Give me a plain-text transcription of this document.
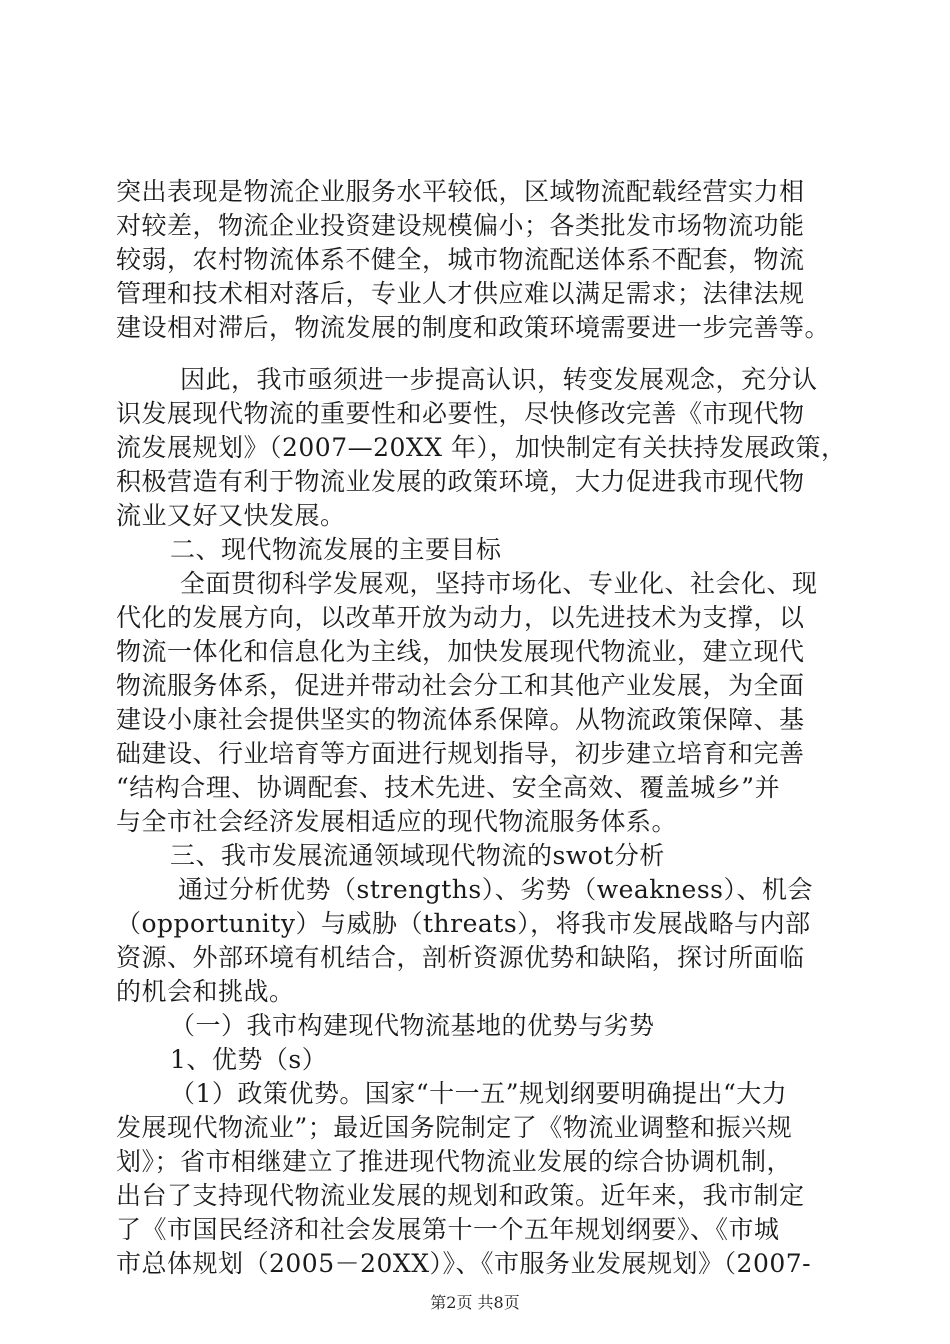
突出表现是物流企业服务水平较低，区域物流配载经营实力相
对较差，物流企业投资建设规模偏小；各类批发市场物流功能
较弱，农村物流体系不健全，城市物流配送体系不配套，物流
管理和技术相对落后，专业人才供应难以满足需求；法律法规
建设相对滞后，物流发展的制度和政策环境需要进一步完善等。
因此，我市亟须进一步提高认识，转变发展观念，充分认
识发展现代物流的重要性和必要性，尽快修改完善《市现代物
流发展规划》（2007—20XX 年），加快制定有关扶持发展政策，
积极营造有利于物流业发展的政策环境，大力促进我市现代物
流业又好又快发展。
二、现代物流发展的主要目标
全面贯彻科学发展观，坚持市场化、专业化、社会化、现
代化的发展方向，以改革开放为动力，以先进技术为支撑，以
物流一体化和信息化为主线，加快发展现代物流业，建立现代
物流服务体系，促进并带动社会分工和其他产业发展，为全面
建设小康社会提供坚实的物流体系保障。从物流政策保障、基
础建设、行业培育等方面进行规划指导，初步建立培育和完善
“结构合理、协调配套、技术先进、安全高效、覆盖城乡”并
与全市社会经济发展相适应的现代物流服务体系。
三、我市发展流通领域现代物流的swot分析
通过分析优势（strengths）、劣势（weakness）、机会
（opportunity）与威胁（threats），将我市发展战略与内部
资源、外部环境有机结合，剖析资源优势和缺陷，探讨所面临
的机会和挑战。
（一）我市构建现代物流基地的优势与劣势
1、优势（s）
（1）政策优势。国家“十一五”规划纲要明确提出“大力
发展现代物流业”；最近国务院制定了《物流业调整和振兴规
划》；省市相继建立了推进现代物流业发展的综合协调机制，
出台了支持现代物流业发展的规划和政策。近年来，我市制定
了《市国民经济和社会发展第十一个五年规划纲要》、《市城
市总体规划（2005－20XX）》、《市服务业发展规划》（2007-
第2页 共8页
